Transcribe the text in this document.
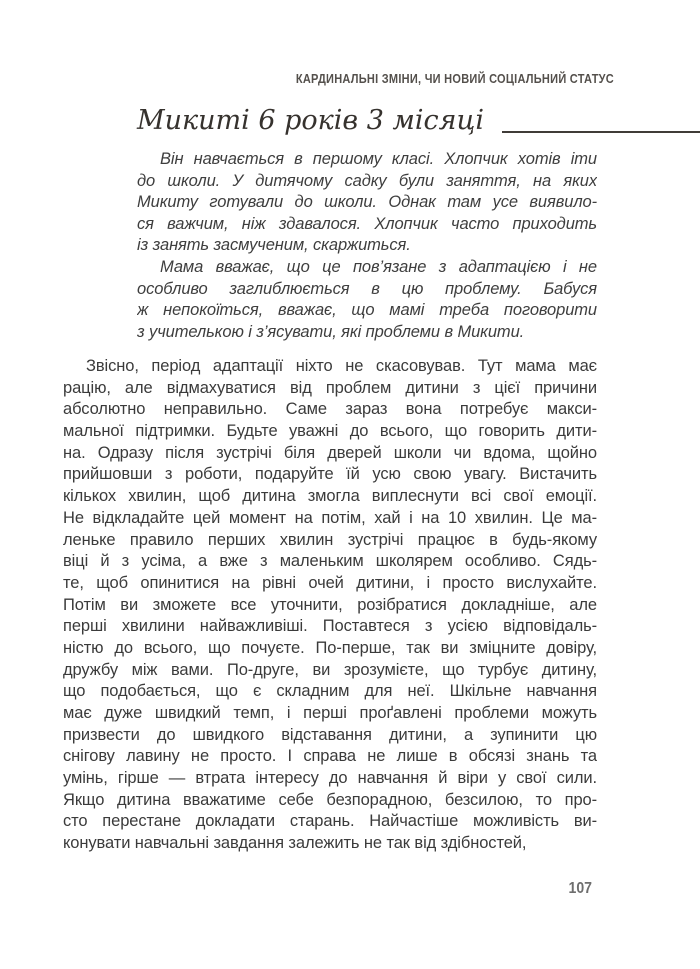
КАРДИНАЛЬНІ ЗМІНИ, ЧИ НОВИЙ СОЦІАЛЬНИЙ СТАТУС
Микиті 6 років 3 місяці
Він навчається в першому класі. Хлопчик хотів іти
до школи. У дитячому садку були заняття, на яких
Микиту готували до школи. Однак там усе виявило-
ся важчим, ніж здавалося. Хлопчик часто приходить
із занять засмученим, скаржиться.
Мама вважає, що це пов’язане з адаптацією і не
особливо заглиблюється в цю проблему. Бабуся
ж непокоїться, вважає, що мамі треба поговорити
з учителькою і з’ясувати, які проблеми в Микити.
Звісно, період адаптації ніхто не скасовував. Тут мама має
рацію, але відмахуватися від проблем дитини з цієї причини
абсолютно неправильно. Саме зараз вона потребує макси-
мальної підтримки. Будьте уважні до всього, що говорить дити-
на. Одразу після зустрічі біля дверей школи чи вдома, щойно
прийшовши з роботи, подаруйте їй усю свою увагу. Вистачить
кількох хвилин, щоб дитина змогла виплеснути всі свої емоції.
Не відкладайте цей момент на потім, хай і на 10 хвилин. Це ма-
леньке правило перших хвилин зустрічі працює в будь-якому
віці й з усіма, а вже з маленьким школярем особливо. Сядь-
те, щоб опинитися на рівні очей дитини, і просто вислухайте.
Потім ви зможете все уточнити, розібратися докладніше, але
перші хвилини найважливіші. Поставтеся з усією відповідаль-
ністю до всього, що почуєте. По-перше, так ви зміцните довіру,
дружбу між вами. По-друге, ви зрозумієте, що турбує дитину,
що подобається, що є складним для неї. Шкільне навчання
має дуже швидкий темп, і перші проґавлені проблеми можуть
призвести до швидкого відставання дитини, а зупинити цю
снігову лавину не просто. І справа не лише в обсязі знань та
умінь, гірше — втрата інтересу до навчання й віри у свої сили.
Якщо дитина вважатиме себе безпорадною, безсилою, то про-
сто перестане докладати старань. Найчастіше можливість ви-
конувати навчальні завдання залежить не так від здібностей,
107
